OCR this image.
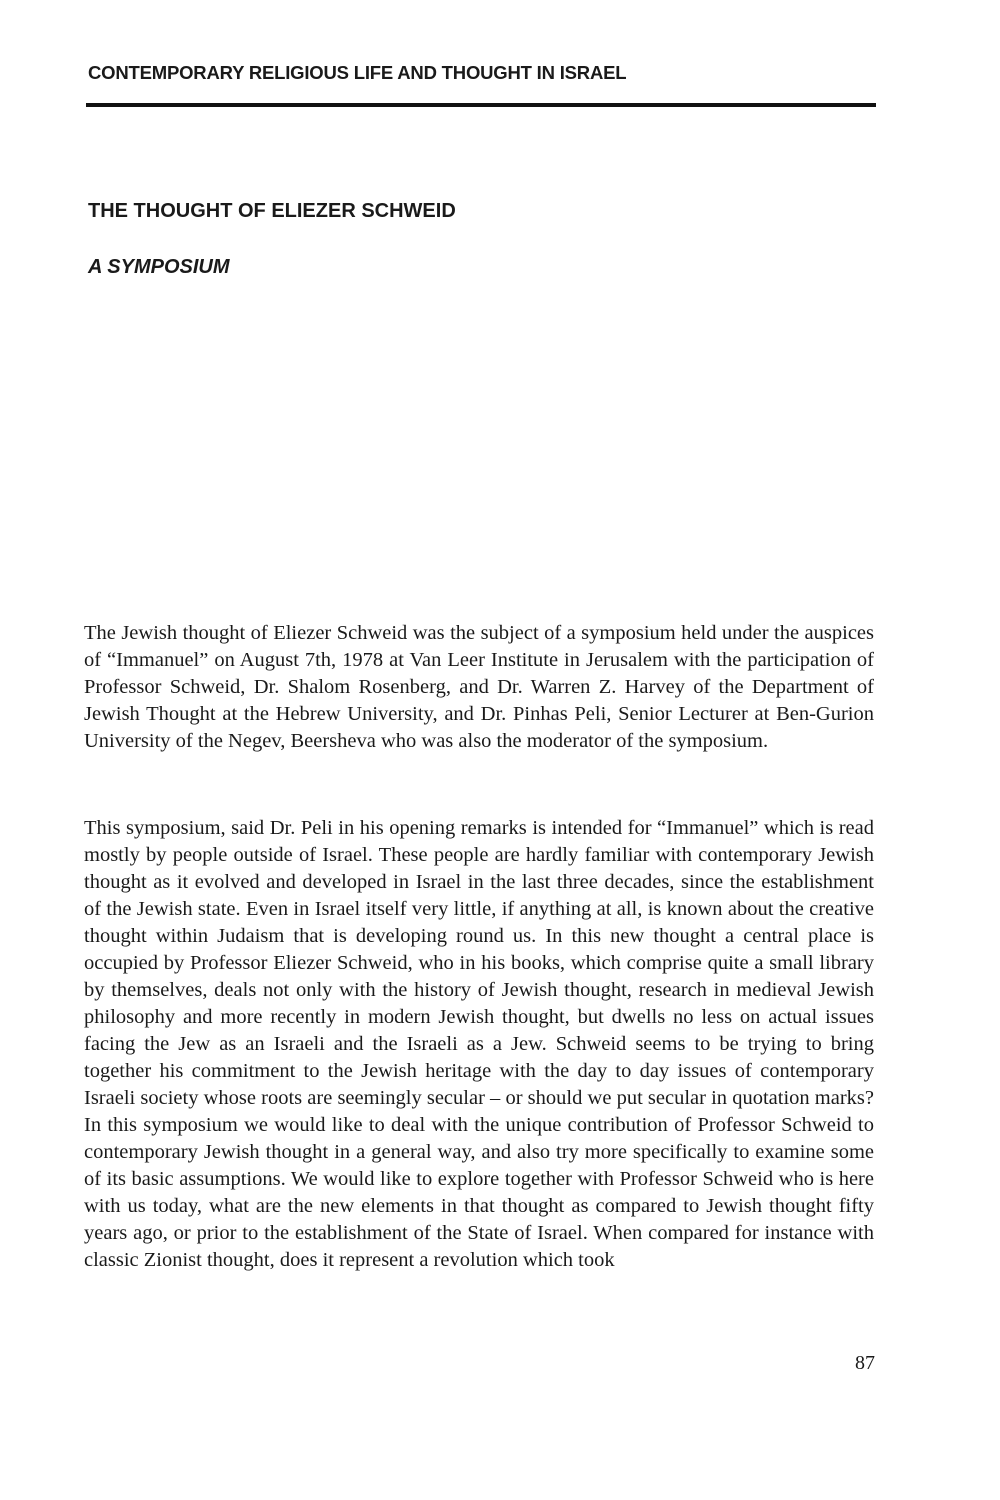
CONTEMPORARY RELIGIOUS LIFE AND THOUGHT IN ISRAEL
THE THOUGHT OF ELIEZER SCHWEID
A SYMPOSIUM

The Jewish thought of Eliezer Schweid was the subject of a symposium held under the auspices of “Immanuel” on August 7th, 1978 at Van Leer Institute in Jerusalem with the participation of Professor Schweid, Dr. Shalom Rosenberg, and Dr. Warren Z. Harvey of the Department of Jewish Thought at the Hebrew University, and Dr. Pinhas Peli, Senior Lecturer at Ben-Gurion University of the Negev, Beersheva who was also the moderator of the symposium.

This symposium, said Dr. Peli in his opening remarks is intended for “Immanuel” which is read mostly by people outside of Israel. These people are hardly familiar with contemporary Jewish thought as it evolved and developed in Israel in the last three decades, since the establishment of the Jewish state. Even in Israel itself very little, if anything at all, is known about the creative thought within Judaism that is developing round us. In this new thought a central place is occupied by Professor Eliezer Schweid, who in his books, which comprise quite a small library by themselves, deals not only with the history of Jewish thought, research in medieval Jewish philosophy and more recently in modern Jewish thought, but dwells no less on actual issues facing the Jew as an Israeli and the Israeli as a Jew. Schweid seems to be trying to bring together his commitment to the Jewish heritage with the day to day issues of contemporary Israeli society whose roots are seemingly secular – or should we put secular in quotation marks? In this symposium we would like to deal with the unique contribution of Professor Schweid to contemporary Jewish thought in a general way, and also try more specifically to examine some of its basic assumptions. We would like to explore together with Professor Schweid who is here with us today, what are the new elements in that thought as compared to Jewish thought fifty years ago, or prior to the establishment of the State of Israel. When compared for instance with classic Zionist thought, does it represent a revolution which took

87
